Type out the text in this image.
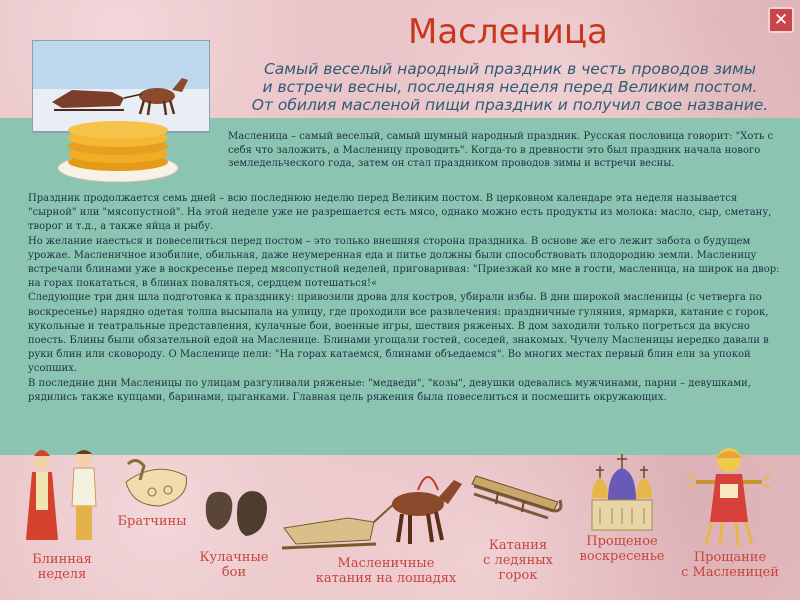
Масленица	✕
Самый веселый народный праздник в честь проводов зимы
и встречи весны, последняя неделя перед Великим постом.
От обилия масленой пищи праздник и получил свое название.
Масленица – самый веселый, самый шумный народный праздник. Русская пословица говорит: "Хоть с себя что заложить, а Масленицу проводить". Когда-то в древности это был праздник начала нового земледельческого года, затем он стал праздником проводов зимы и встречи весны.

Праздник продолжается семь дней – всю последнюю неделю перед Великим постом. В церковном календаре эта неделя называется "сырной" или "мясопустной". На этой неделе уже не разрешается есть мясо, однако можно есть продукты из молока: масло, сыр, сметану, творог и т.д., а также яйца и рыбу.

Но желание наесться и повеселиться перед постом – это только внешняя сторона праздника. В основе же его лежит забота о будущем урожае. Масленичное изобилие, обильная, даже неумеренная еда и питье должны были способствовать плодородию земли. Масленицу встречали блинами уже в воскресенье перед мясопустной неделей, приговаривая: "Приезжай ко мне в гости, масленица, на широк на двор: на горах покататься, в блинах поваляться, сердцем потешаться!«

Следующие три дня шла подготовка к празднику: привозили дрова для костров, убирали избы. В дни широкой масленицы (с четверга по воскресенье) нарядно одетая толпа высыпала на улицу, где проходили все развлечения: праздничные гуляния, ярмарки, катание с горок, кукольные и театральные представления, кулачные бои, военные игры, шествия ряженых. В дом заходили только погреться да вкусно поесть. Блины были обязательной едой на Масленице. Блинами угощали гостей, соседей, знакомых. Чучелу Масленицы нередко давали в руки блин или сковороду. О Масленице пели: "На горах катаемся, блинами объедаемся". Во многих местах первый блин ели за упокой усопших.

В последние дни Масленицы по улицам разгуливали ряженые: "медведи", "козы", девушки одевались мужчинами, парни – девушками, рядились также купцами, баринами, цыганками. Главная цель ряжения была повеселиться и посмешить окружающих.

Блинная
неделя
Братчины
Кулачные
бои
Масленичные
катания на лошадях
Катания
с ледяных
горок
Прощеное
воскресенье	Прощание
с Масленицей
